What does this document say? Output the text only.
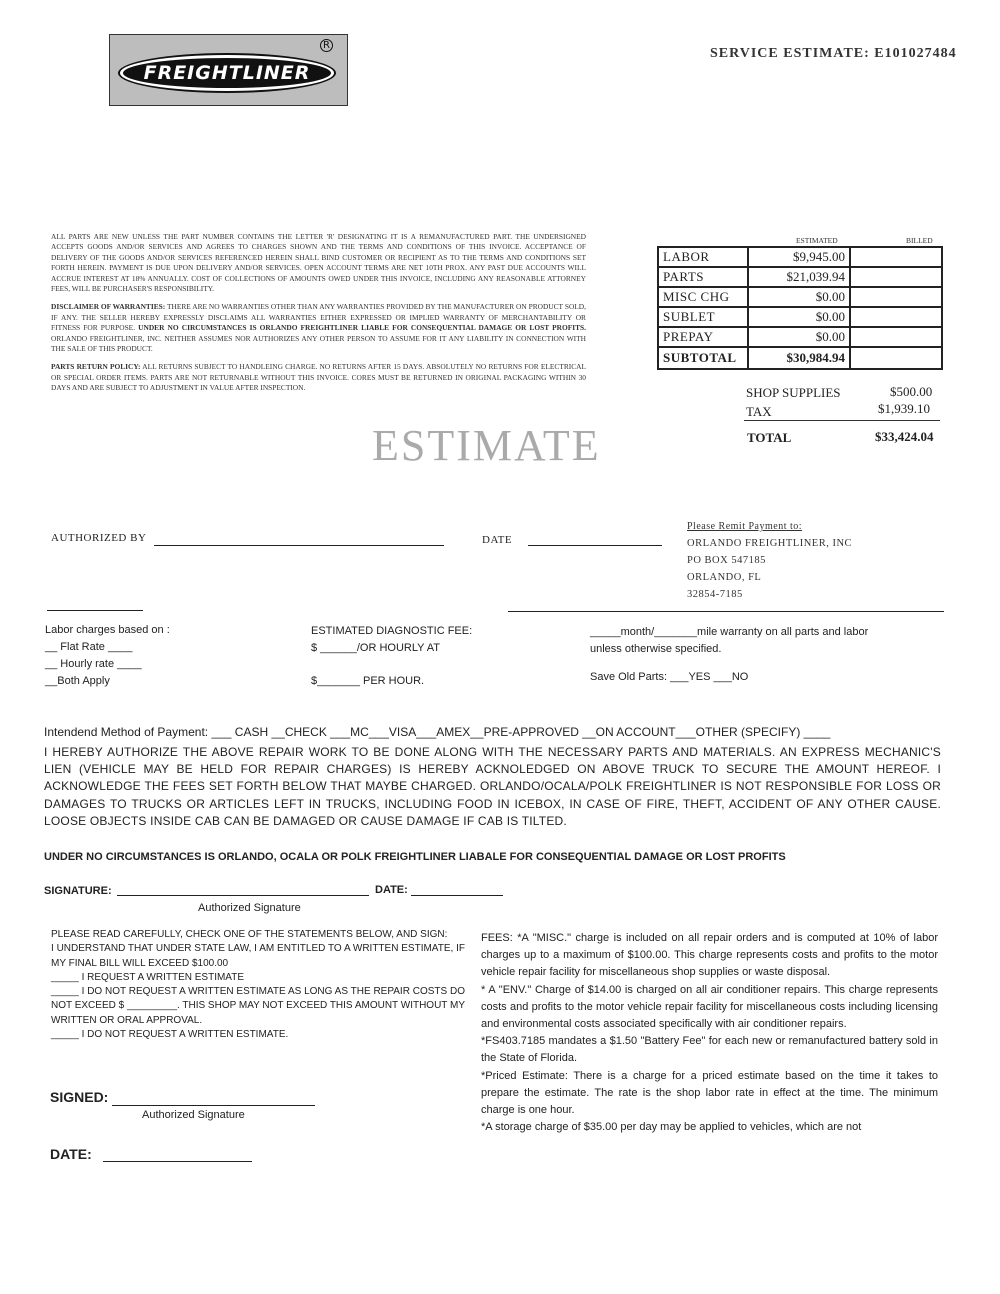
R
FREIGHTLINER
SERVICE ESTIMATE: E101027484

ALL PARTS ARE NEW UNLESS THE PART NUMBER CONTAINS THE LETTER 'R' DESIGNATING IT IS A REMANUFACTURED PART. THE UNDERSIGNED ACCEPTS GOODS AND/OR SERVICES AND AGREES TO CHARGES SHOWN AND THE TERMS AND CONDITIONS OF THIS INVOICE. ACCEPTANCE OF DELIVERY OF THE GOODS AND/OR SERVICES REFERENCED HEREIN SHALL BIND CUSTOMER OR RECIPIENT AS TO THE TERMS AND CONDITIONS SET FORTH HEREIN. PAYMENT IS DUE UPON DELIVERY AND/OR SERVICES. OPEN ACCOUNT TERMS ARE NET 10TH PROX. ANY PAST DUE ACCOUNTS WILL ACCRUE INTEREST AT 18% ANNUALLY. COST OF COLLECTIONS OF AMOUNTS OWED UNDER THIS INVOICE, INCLUDING ANY REASONABLE ATTORNEY FEES, WILL BE PURCHASER'S RESPONSIBILITY.

DISCLAIMER OF WARRANTIES: THERE ARE NO WARRANTIES OTHER THAN ANY WARRANTIES PROVIDED BY THE MANUFACTURER ON PRODUCT SOLD, IF ANY. THE SELLER HEREBY EXPRESSLY DISCLAIMS ALL WARRANTIES EITHER EXPRESSED OR IMPLIED WARRANTY OF MERCHANTABILITY OR FITNESS FOR PURPOSE. UNDER NO CIRCUMSTANCES IS ORLANDO FREIGHTLINER LIABLE FOR CONSEQUENTIAL DAMAGE OR LOST PROFITS. ORLANDO FREIGHTLINER, INC. NEITHER ASSUMES NOR AUTHORIZES ANY OTHER PERSON TO ASSUME FOR IT ANY LIABILITY IN CONNECTION WITH THE SALE OF THIS PRODUCT.

PARTS RETURN POLICY: ALL RETURNS SUBJECT TO HANDLEING CHARGE. NO RETURNS AFTER 15 DAYS. ABSOLUTELY NO RETURNS FOR ELECTRICAL OR SPECIAL ORDER ITEMS. PARTS ARE NOT RETURNABLE WITHOUT THIS INVOICE. CORES MUST BE RETURNED IN ORIGINAL PACKAGING WITHIN 30 DAYS AND ARE SUBJECT TO ADJUSTMENT IN VALUE AFTER INSPECTION.

ESTIMATE
ESTIMATED	BILLED
LABOR	$9,945.00	
PARTS	$21,039.94	
MISC CHG	$0.00	
SUBLET	$0.00	
PREPAY	$0.00	
SUBTOTAL	$30,984.94	
SHOP SUPPLIES	$500.00
TAX	$1,939.10
TOTAL	$33,424.04
AUTHORIZED BY	DATE
Please Remit Payment to:
ORLANDO FREIGHTLINER, INC
PO BOX 547185
ORLANDO, FL
32854-7185
Labor charges based on :
__ Flat Rate ____
__ Hourly rate ____
__Both Apply
ESTIMATED DIAGNOSTIC FEE:
$ ______/OR HOURLY AT
$_______ PER HOUR.
_____month/_______mile warranty on all parts and labor
unless otherwise specified.
Save Old Parts: ___YES ___NO
Intendend Method of Payment: ___ CASH __CHECK ___MC___VISA___AMEX__PRE-APPROVED __ON ACCOUNT___OTHER (SPECIFY) ____
I HEREBY AUTHORIZE THE ABOVE REPAIR WORK TO BE DONE ALONG WITH THE NECESSARY PARTS AND MATERIALS. AN EXPRESS MECHANIC'S LIEN (VEHICLE MAY BE HELD FOR REPAIR CHARGES) IS HEREBY ACKNOLEDGED ON ABOVE TRUCK TO SECURE THE AMOUNT HEREOF. I ACKNOWLEDGE THE FEES SET FORTH BELOW THAT MAYBE CHARGED. ORLANDO/OCALA/POLK FREIGHTLINER IS NOT RESPONSIBLE FOR LOSS OR DAMAGES TO TRUCKS OR ARTICLES LEFT IN TRUCKS, INCLUDING FOOD IN ICEBOX, IN CASE OF FIRE, THEFT, ACCIDENT OF ANY OTHER CAUSE. LOOSE OBJECTS INSIDE CAB CAN BE DAMAGED OR CAUSE DAMAGE IF CAB IS TILTED.
UNDER NO CIRCUMSTANCES IS ORLANDO, OCALA OR POLK FREIGHTLINER LIABALE FOR CONSEQUENTIAL DAMAGE OR LOST PROFITS
SIGNATURE:	DATE:
Authorized Signature
PLEASE READ CAREFULLY, CHECK ONE OF THE STATEMENTS BELOW, AND SIGN:
I UNDERSTAND THAT UNDER STATE LAW, I AM ENTITLED TO A WRITTEN ESTIMATE, IF MY FINAL BILL WILL EXCEED $100.00
_____ I REQUEST A WRITTEN ESTIMATE
_____ I DO NOT REQUEST A WRITTEN ESTIMATE AS LONG AS THE REPAIR COSTS DO NOT EXCEED $ _________. THIS SHOP MAY NOT EXCEED THIS AMOUNT WITHOUT MY WRITTEN OR ORAL APPROVAL.
_____ I DO NOT REQUEST A WRITTEN ESTIMATE.
SIGNED:
Authorized Signature
DATE:
FEES: *A "MISC." charge is included on all repair orders and is computed at 10% of labor charges up to a maximum of $100.00. This charge represents costs and profits to the motor vehicle repair facility for miscellaneous shop supplies or waste disposal.
* A "ENV." Charge of $14.00 is charged on all air conditioner repairs. This charge represents costs and profits to the motor vehicle repair facility for miscellaneous costs including licensing and environmental costs associated specifically with air conditioner repairs.
*FS403.7185 mandates a $1.50 "Battery Fee" for each new or remanufactured battery sold in the State of Florida.
*Priced Estimate: There is a charge for a priced estimate based on the time it takes to prepare the estimate. The rate is the shop labor rate in effect at the time. The minimum charge is one hour.
*A storage charge of $35.00 per day may be applied to vehicles, which are not
